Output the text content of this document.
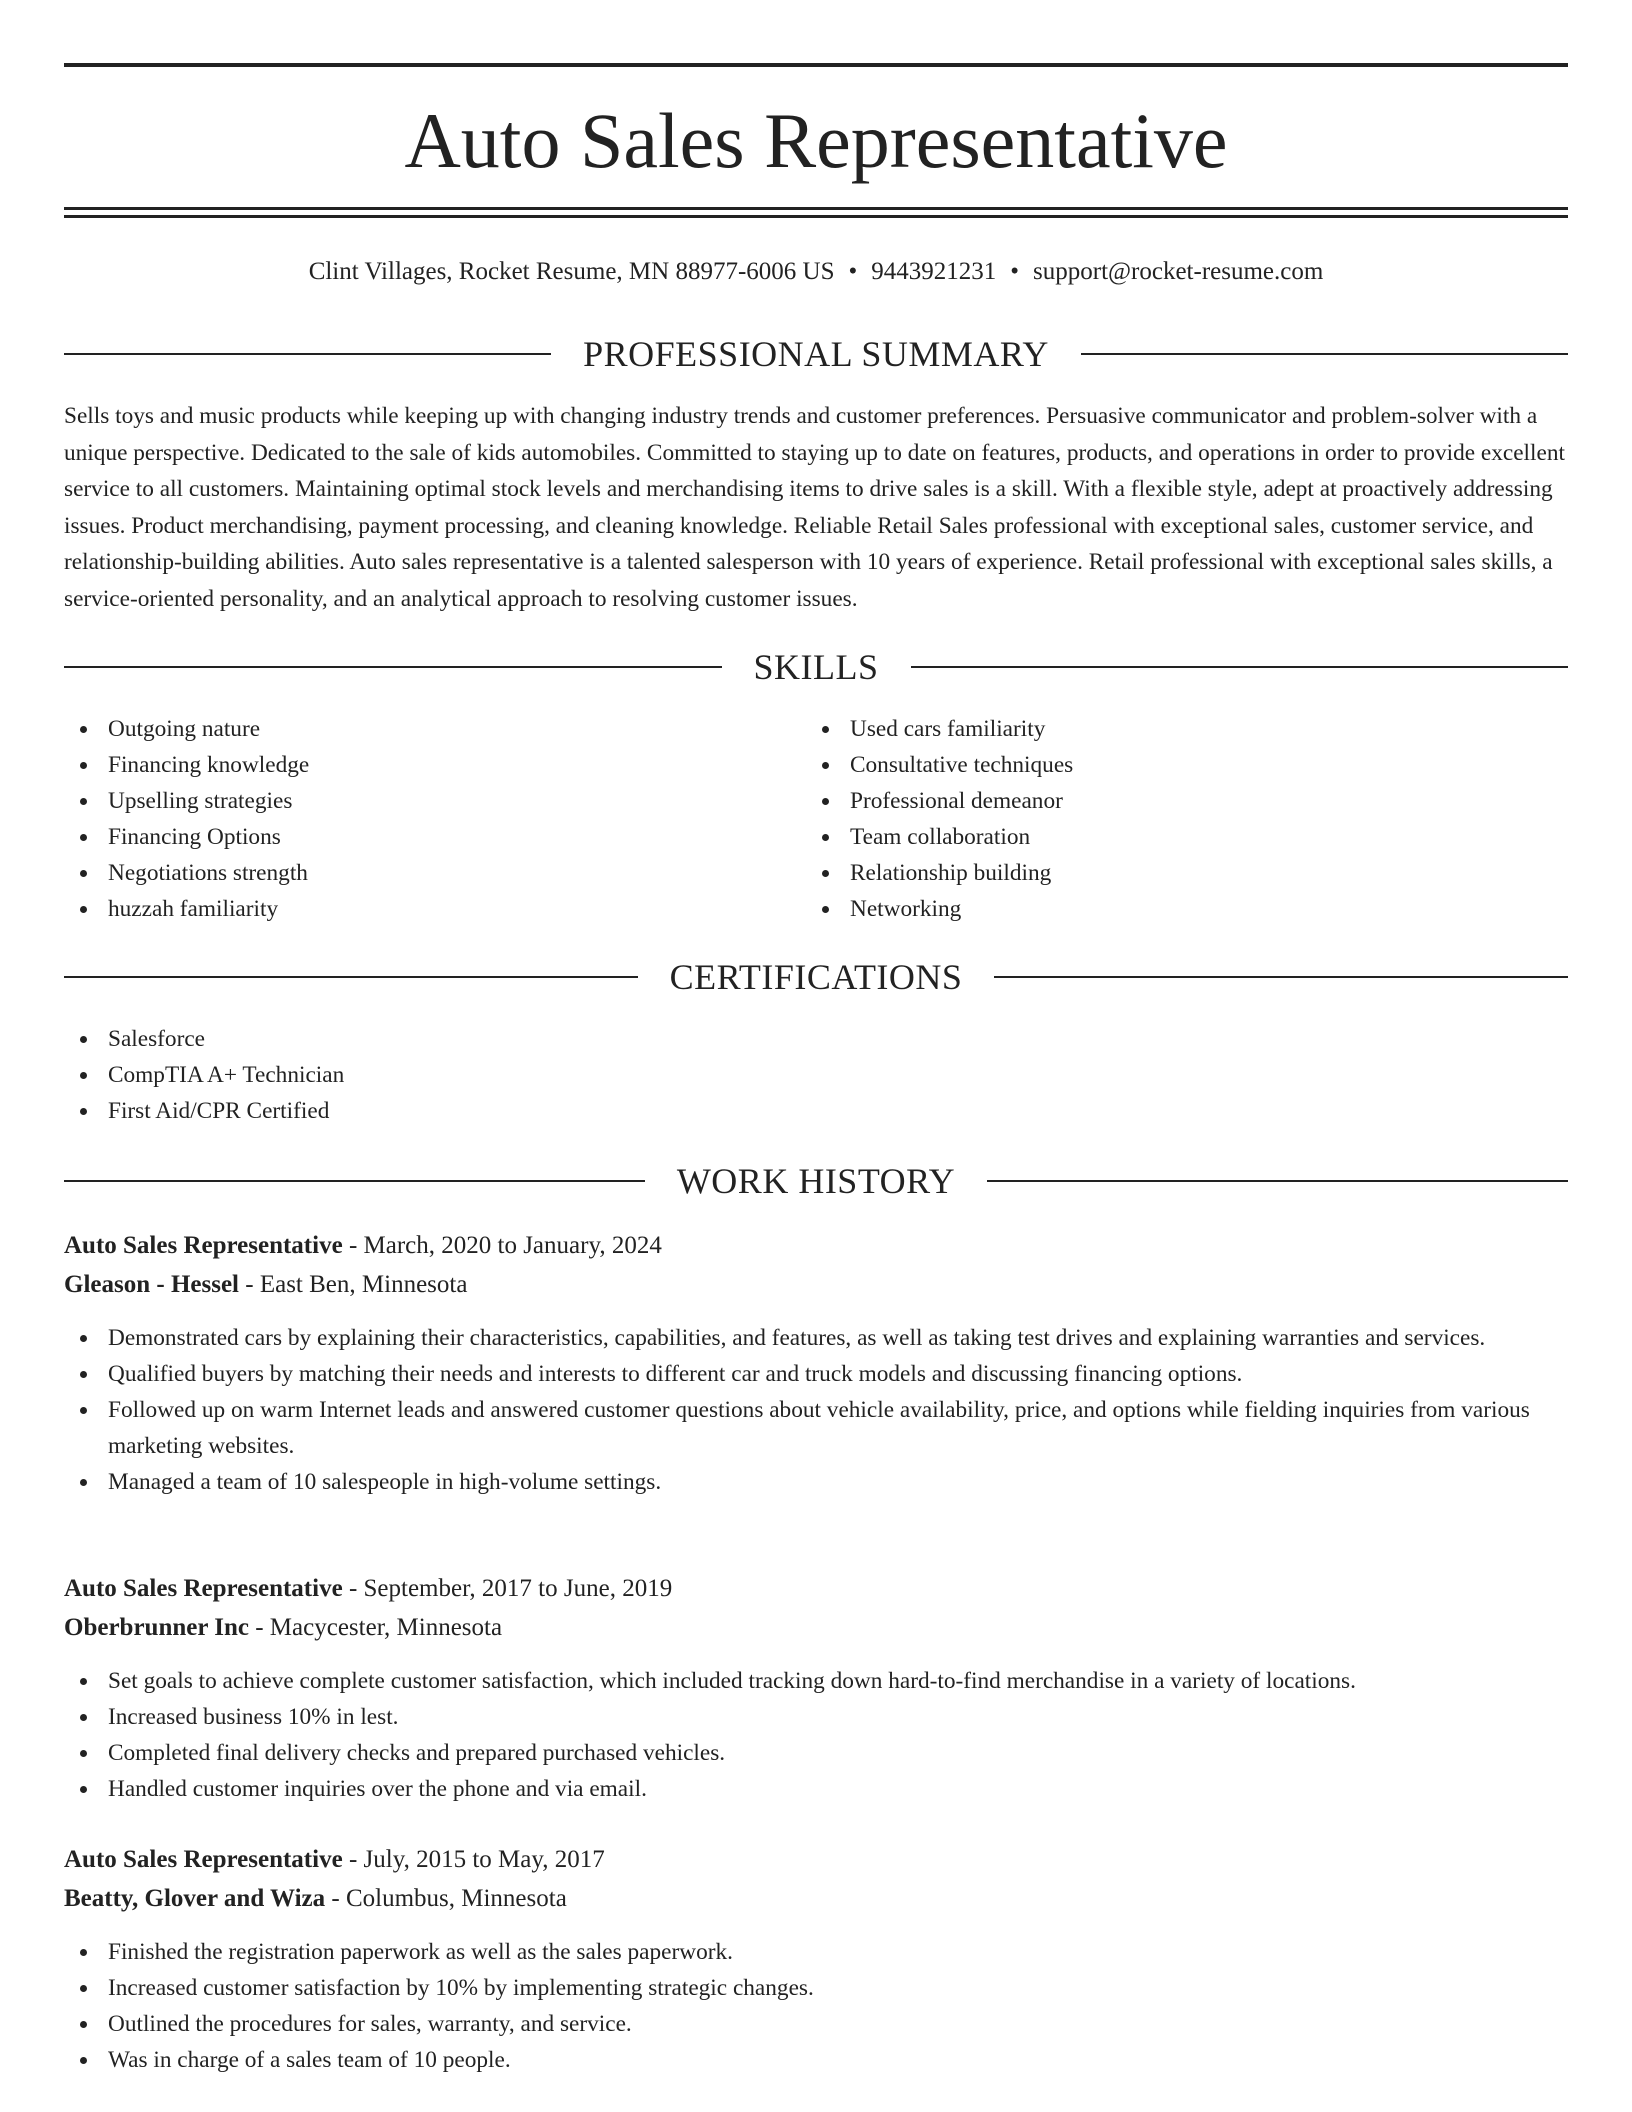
Auto Sales Representative
Clint Villages, Rocket Resume, MN 88977-6006 US • 9443921231 • support@rocket-resume.com
PROFESSIONAL SUMMARY

Sells toys and music products while keeping up with changing industry trends and customer preferences. Persuasive communicator and problem-solver with a unique perspective. Dedicated to the sale of kids automobiles. Committed to staying up to date on features, products, and operations in order to provide excellent service to all customers. Maintaining optimal stock levels and merchandising items to drive sales is a skill. With a flexible style, adept at proactively addressing issues. Product merchandising, payment processing, and cleaning knowledge. Reliable Retail Sales professional with exceptional sales, customer service, and relationship-building abilities. Auto sales representative is a talented salesperson with 10 years of experience. Retail professional with exceptional sales skills, a service-oriented personality, and an analytical approach to resolving customer issues.

SKILLS
Outgoing nature
Financing knowledge
Upselling strategies
Financing Options
Negotiations strength
huzzah familiarity
Used cars familiarity
Consultative techniques
Professional demeanor
Team collaboration
Relationship building
Networking
CERTIFICATIONS
Salesforce
CompTIA A+ Technician
First Aid/CPR Certified
WORK HISTORY
Auto Sales Representative - March, 2020 to January, 2024
Gleason - Hessel - East Ben, Minnesota
Demonstrated cars by explaining their characteristics, capabilities, and features, as well as taking test drives and explaining warranties and services.
Qualified buyers by matching their needs and interests to different car and truck models and discussing financing options.
Followed up on warm Internet leads and answered customer questions about vehicle availability, price, and options while fielding inquiries from various marketing websites.
Managed a team of 10 salespeople in high-volume settings.
Auto Sales Representative - September, 2017 to June, 2019
Oberbrunner Inc - Macycester, Minnesota
Set goals to achieve complete customer satisfaction, which included tracking down hard-to-find merchandise in a variety of locations.
Increased business 10% in lest.
Completed final delivery checks and prepared purchased vehicles.
Handled customer inquiries over the phone and via email.
Auto Sales Representative - July, 2015 to May, 2017
Beatty, Glover and Wiza - Columbus, Minnesota
Finished the registration paperwork as well as the sales paperwork.
Increased customer satisfaction by 10% by implementing strategic changes.
Outlined the procedures for sales, warranty, and service.
Was in charge of a sales team of 10 people.
